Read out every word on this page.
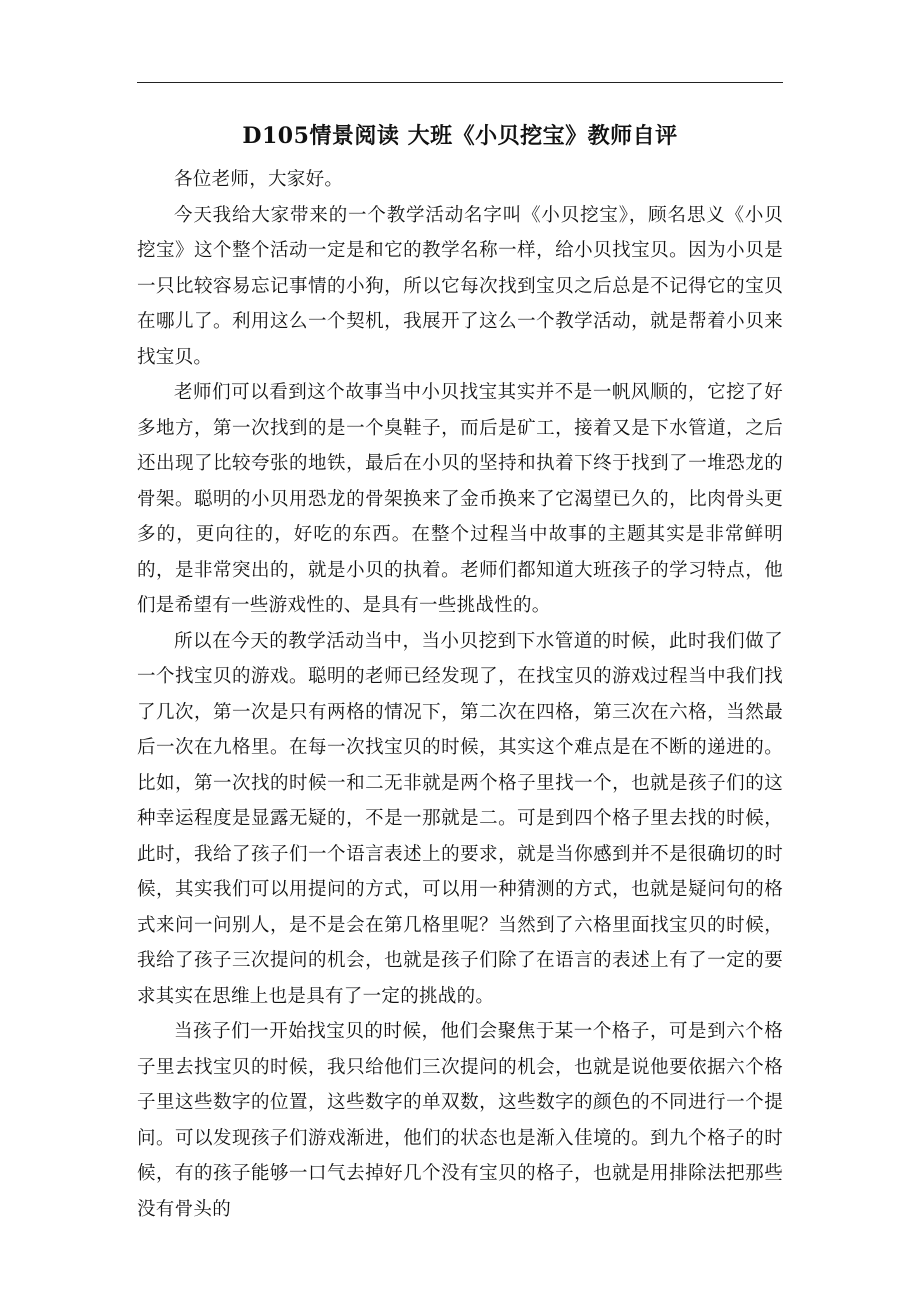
D105情景阅读 大班《小贝挖宝》教师自评

各位老师，大家好。

今天我给大家带来的一个教学活动名字叫《小贝挖宝》，顾名思义《小贝挖宝》这个整个活动一定是和它的教学名称一样，给小贝找宝贝。因为小贝是一只比较容易忘记事情的小狗，所以它每次找到宝贝之后总是不记得它的宝贝在哪儿了。利用这么一个契机，我展开了这么一个教学活动，就是帮着小贝来找宝贝。

老师们可以看到这个故事当中小贝找宝其实并不是一帆风顺的，它挖了好多地方，第一次找到的是一个臭鞋子，而后是矿工，接着又是下水管道，之后还出现了比较夸张的地铁，最后在小贝的坚持和执着下终于找到了一堆恐龙的骨架。聪明的小贝用恐龙的骨架换来了金币换来了它渴望已久的，比肉骨头更多的，更向往的，好吃的东西。在整个过程当中故事的主题其实是非常鲜明的，是非常突出的，就是小贝的执着。老师们都知道大班孩子的学习特点，他们是希望有一些游戏性的、是具有一些挑战性的。

所以在今天的教学活动当中，当小贝挖到下水管道的时候，此时我们做了一个找宝贝的游戏。聪明的老师已经发现了，在找宝贝的游戏过程当中我们找了几次，第一次是只有两格的情况下，第二次在四格，第三次在六格，当然最后一次在九格里。在每一次找宝贝的时候，其实这个难点是在不断的递进的。比如，第一次找的时候一和二无非就是两个格子里找一个，也就是孩子们的这种幸运程度是显露无疑的，不是一那就是二。可是到四个格子里去找的时候，此时，我给了孩子们一个语言表述上的要求，就是当你感到并不是很确切的时候，其实我们可以用提问的方式，可以用一种猜测的方式，也就是疑问句的格式来问一问别人，是不是会在第几格里呢？当然到了六格里面找宝贝的时候，我给了孩子三次提问的机会，也就是孩子们除了在语言的表述上有了一定的要求其实在思维上也是具有了一定的挑战的。

当孩子们一开始找宝贝的时候，他们会聚焦于某一个格子，可是到六个格子里去找宝贝的时候，我只给他们三次提问的机会，也就是说他要依据六个格子里这些数字的位置，这些数字的单双数，这些数字的颜色的不同进行一个提问。可以发现孩子们游戏渐进，他们的状态也是渐入佳境的。到九个格子的时候，有的孩子能够一口气去掉好几个没有宝贝的格子，也就是用排除法把那些没有骨头的
